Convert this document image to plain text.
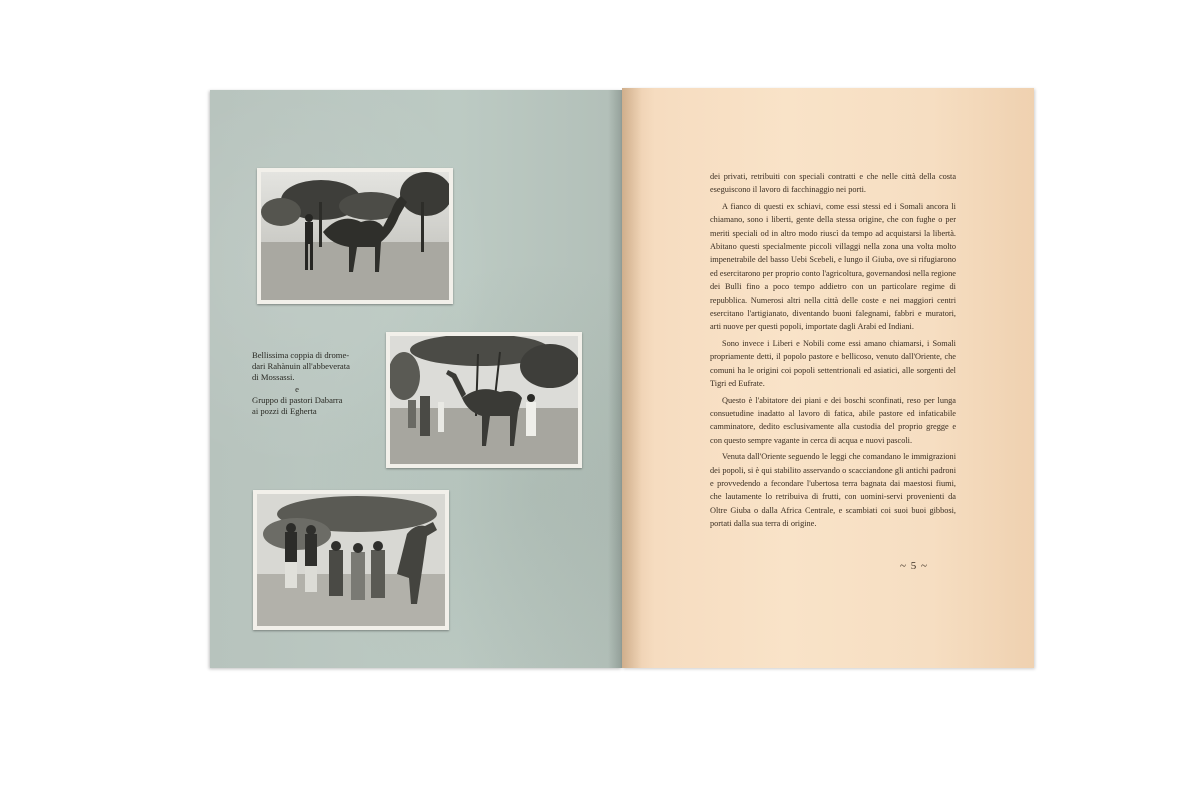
Bellissima coppia di drome-
dari Rahànuin all'abbeverata
di Mossassi.

e
Gruppo di pastori Dabarra
ai pozzi di Egherta

dei privati, retribuiti con speciali contratti e che nelle città della costa eseguiscono il lavoro di facchinaggio nei porti.

A fianco di questi ex schiavi, come essi stessi ed i Somali ancora li chiamano, sono i liberti, gente della stessa origine, che con fughe o per meriti speciali od in altro modo riuscì da tempo ad acquistarsi la libertà. Abitano questi specialmente piccoli villaggi nella zona una volta molto impenetrabile del basso Uebi Scebeli, e lungo il Giuba, ove si rifugiarono ed esercitarono per proprio conto l'agricoltura, governandosi nella regione dei Bulli fino a poco tempo addietro con un particolare regime di repubblica. Numerosi altri nella città delle coste e nei maggiori centri esercitano l'artigianato, diventando buoni falegnami, fabbri e muratori, arti nuove per questi popoli, importate dagli Arabi ed Indiani.

Sono invece i Liberi e Nobili come essi amano chiamarsi, i Somali propriamente detti, il popolo pastore e bellicoso, venuto dall'Oriente, che comuni ha le origini coi popoli settentrionali ed asiatici, alle sorgenti del Tigri ed Eufrate.

Questo è l'abitatore dei piani e dei boschi sconfinati, reso per lunga consuetudine inadatto al lavoro di fatica, abile pastore ed infaticabile camminatore, dedito esclusivamente alla custodia del proprio gregge e con questo sempre vagante in cerca di acqua e nuovi pascoli.

Venuta dall'Oriente seguendo le leggi che comandano le immigrazioni dei popoli, si è qui stabilito asservando o scacciandone gli antichi padroni e provvedendo a fecondare l'ubertosa terra bagnata dai maestosi fiumi, che lautamente lo retribuiva di frutti, con uomini-servi provenienti da Oltre Giuba o dalla Africa Centrale, e scambiati coi suoi buoi gibbosi, portati dalla sua terra di origine.

~ 5 ~
